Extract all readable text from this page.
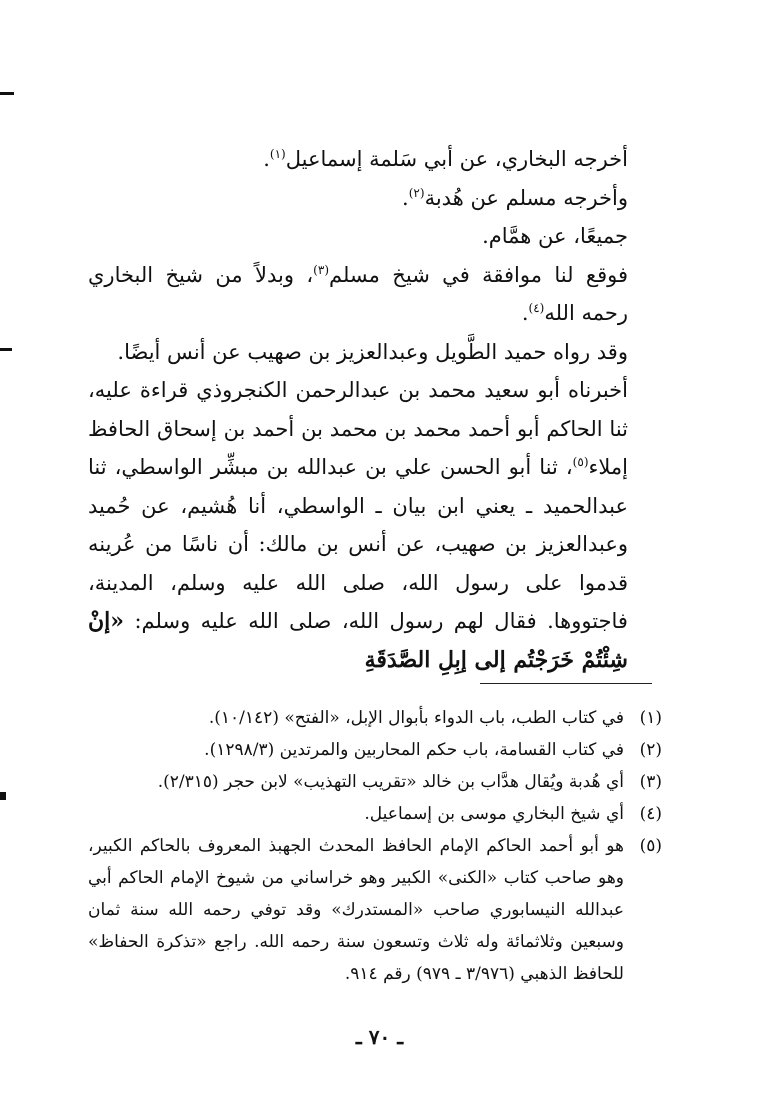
أخرجه البخاري، عن أبي سَلمة إسماعيل$^{(١)}$.

وأخرجه مسلم عن هُدبة$^{(٢)}$.

جميعًا، عن همَّام.

فوقع لنا موافقة في شيخ مسلم$^{(٣)}$، وبدلاً من شيخ البخاري رحمه الله$^{(٤)}$.

وقد رواه حميد الطَّويل وعبدالعزيز بن صهيب عن أنس أيضًا.

أخبرناه أبو سعيد محمد بن عبدالرحمن الكنجروذي قراءة عليه، ثنا الحاكم أبو أحمد محمد بن محمد بن أحمد بن إسحاق الحافظ إملاء$^{(٥)}$، ثنا أبو الحسن علي بن عبدالله بن مبشِّر الواسطي، ثنا عبدالحميد ـ يعني ابن بيان ـ الواسطي، أنا هُشيم، عن حُميد وعبدالعزيز بن صهيب، عن أنس بن مالك: أن ناسًا من عُرينه قدموا على رسول الله، صلى الله عليه وسلم، المدينة، فاجتووها. فقال لهم رسول الله، صلى الله عليه وسلم: «إنْ شِئْتُمْ خَرَجْتُم إلى إبِلِ الصَّدَقَةِ

(١)
في كتاب الطب، باب الدواء بأبوال الإبل، «الفتح» (١٠/١٤٢).
(٢)
في كتاب القسامة، باب حكم المحاربين والمرتدين (١٢٩٨/٣).
(٣)
أي هُدبة ويُقال هدَّاب بن خالد «تقريب التهذيب» لابن حجر (٢/٣١٥).
(٤)
أي شيخ البخاري موسى بن إسماعيل.
(٥)
هو أبو أحمد الحاكم الإمام الحافظ المحدث الجهبذ المعروف بالحاكم الكبير، وهو صاحب كتاب «الكنى» الكبير وهو خراساني من شيوخ الإمام الحاكم أبي عبدالله النيسابوري صاحب «المستدرك» وقد توفي رحمه الله سنة ثمان وسبعين وثلاثمائة وله ثلاث وتسعون سنة رحمه الله. راجع «تذكرة الحفاظ» للحافظ الذهبي (٣/٩٧٦ ـ ٩٧٩) رقم ٩١٤.
ـ ٧٠ ـ
